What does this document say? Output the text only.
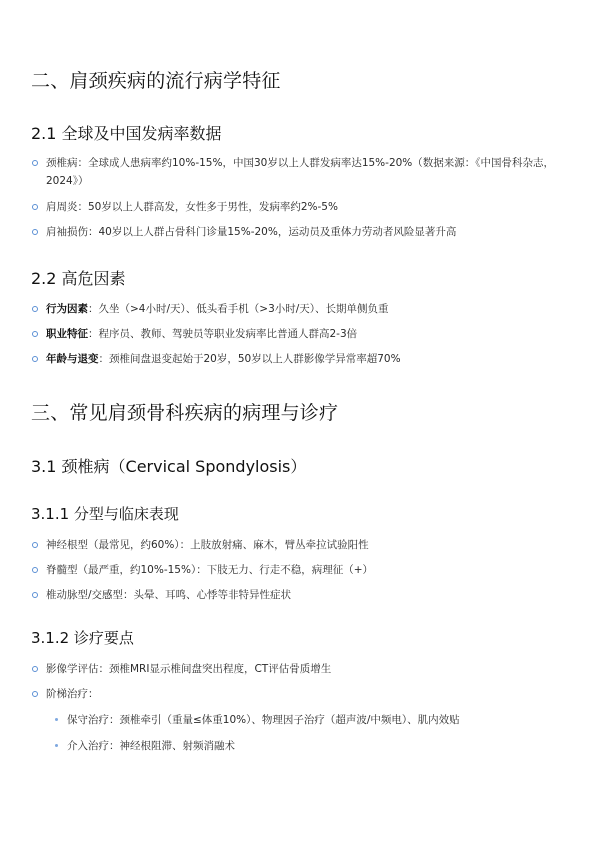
二、肩颈疾病的流行病学特征
2.1 全球及中国发病率数据
颈椎病：全球成人患病率约10%-15%，中国30岁以上人群发病率达15%-20%（数据来源：《中国骨科杂志，2024》）
肩周炎：50岁以上人群高发，女性多于男性，发病率约2%-5%
肩袖损伤：40岁以上人群占骨科门诊量15%-20%，运动员及重体力劳动者风险显著升高
2.2 高危因素
行为因素：久坐（>4小时/天）、低头看手机（>3小时/天）、长期单侧负重
职业特征：程序员、教师、驾驶员等职业发病率比普通人群高2-3倍
年龄与退变：颈椎间盘退变起始于20岁，50岁以上人群影像学异常率超70%
三、常见肩颈骨科疾病的病理与诊疗
3.1 颈椎病（Cervical Spondylosis）
3.1.1 分型与临床表现
神经根型（最常见，约60%）：上肢放射痛、麻木，臂丛牵拉试验阳性
脊髓型（最严重，约10%-15%）：下肢无力、行走不稳，病理征（+）
椎动脉型/交感型：头晕、耳鸣、心悸等非特异性症状
3.1.2 诊疗要点
影像学评估：颈椎MRI显示椎间盘突出程度，CT评估骨质增生
阶梯治疗：
保守治疗：颈椎牵引（重量≤体重10%）、物理因子治疗（超声波/中频电）、肌内效贴
介入治疗：神经根阻滞、射频消融术
